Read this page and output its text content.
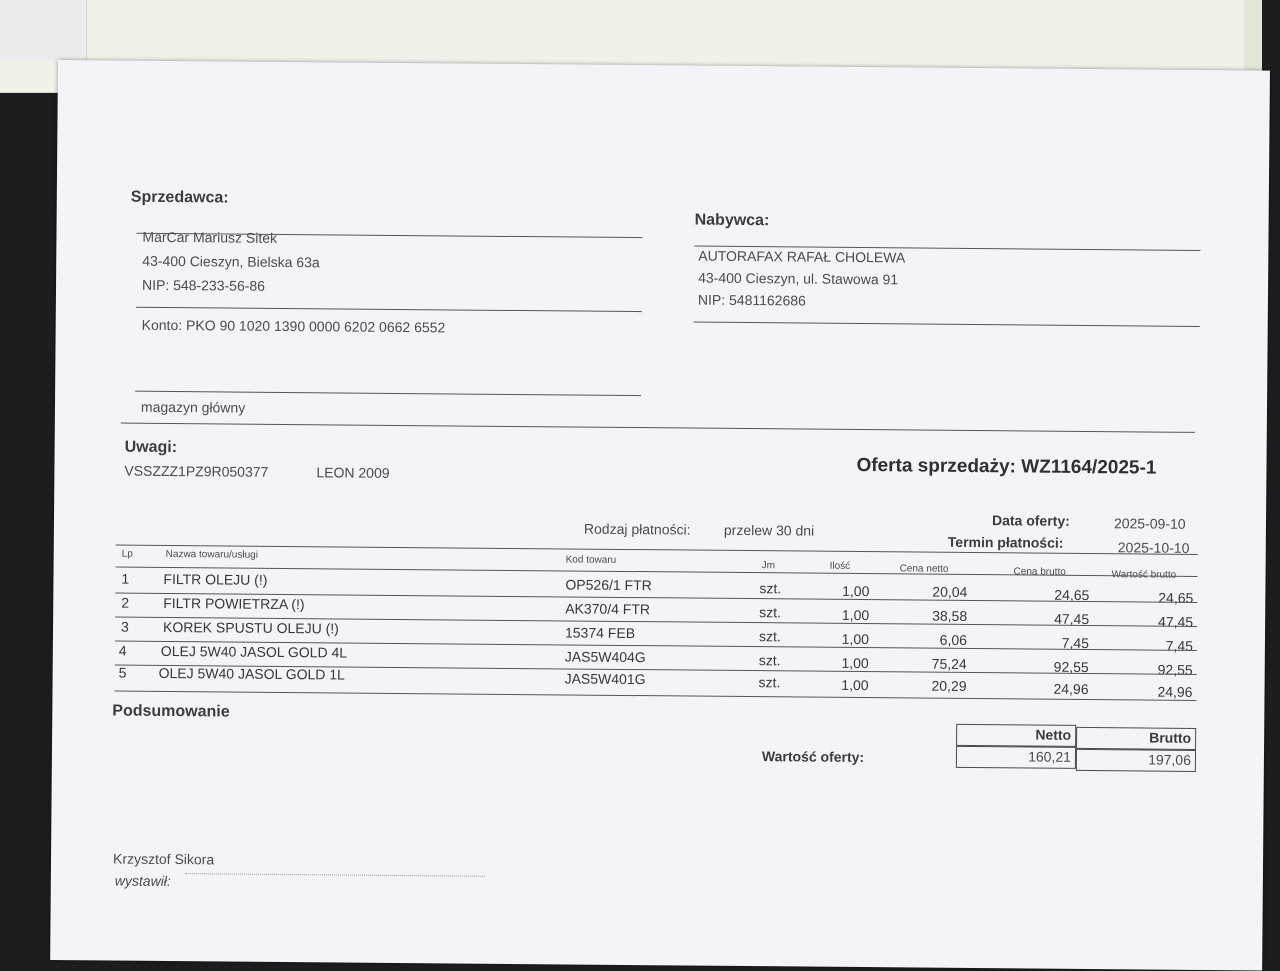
Sprzedawca:
MarCar Mariusz Sitek
43-400 Cieszyn, Bielska 63a
NIP: 548-233-56-86
Konto: PKO 90 1020 1390 0000 6202 0662 6552
magazyn główny
Nabywca:
AUTORAFAX RAFAŁ CHOLEWA
43-400 Cieszyn, ul. Stawowa 91
NIP: 5481162686
Uwagi:
VSSZZZ1PZ9R050377	LEON 2009	Oferta sprzedaży: WZ1164/2025-1
Rodzaj płatności: przelew 30 dni
Data oferty:	2025-09-10
Termin płatności:	2025-10-10
Lp	Nazwa towaru/usługi	Kod towaru	Jm	Ilość	Cena netto	Cena brutto	Wartość brutto
1 FILTR OLEJU (!)	OP526/1 FTR	szt.	1,00	20,04	24,65	24,65
2 FILTR POWIETRZA (!)	AK370/4 FTR	szt.	1,00	38,58	47,45	47,45
3 KOREK SPUSTU OLEJU (!)	15374 FEB	szt.	1,00	6,06	7,45	7,45
4 OLEJ 5W40 JASOL GOLD 4L	JAS5W404G	szt.	1,00	75,24	92,55	92,55
5 OLEJ 5W40 JASOL GOLD 1L	JAS5W401G	szt.	1,00	20,29	24,96	24,96
Podsumowanie
Wartość oferty:
Netto	Brutto
160,21	197,06
Krzysztof Sikora
wystawił:
